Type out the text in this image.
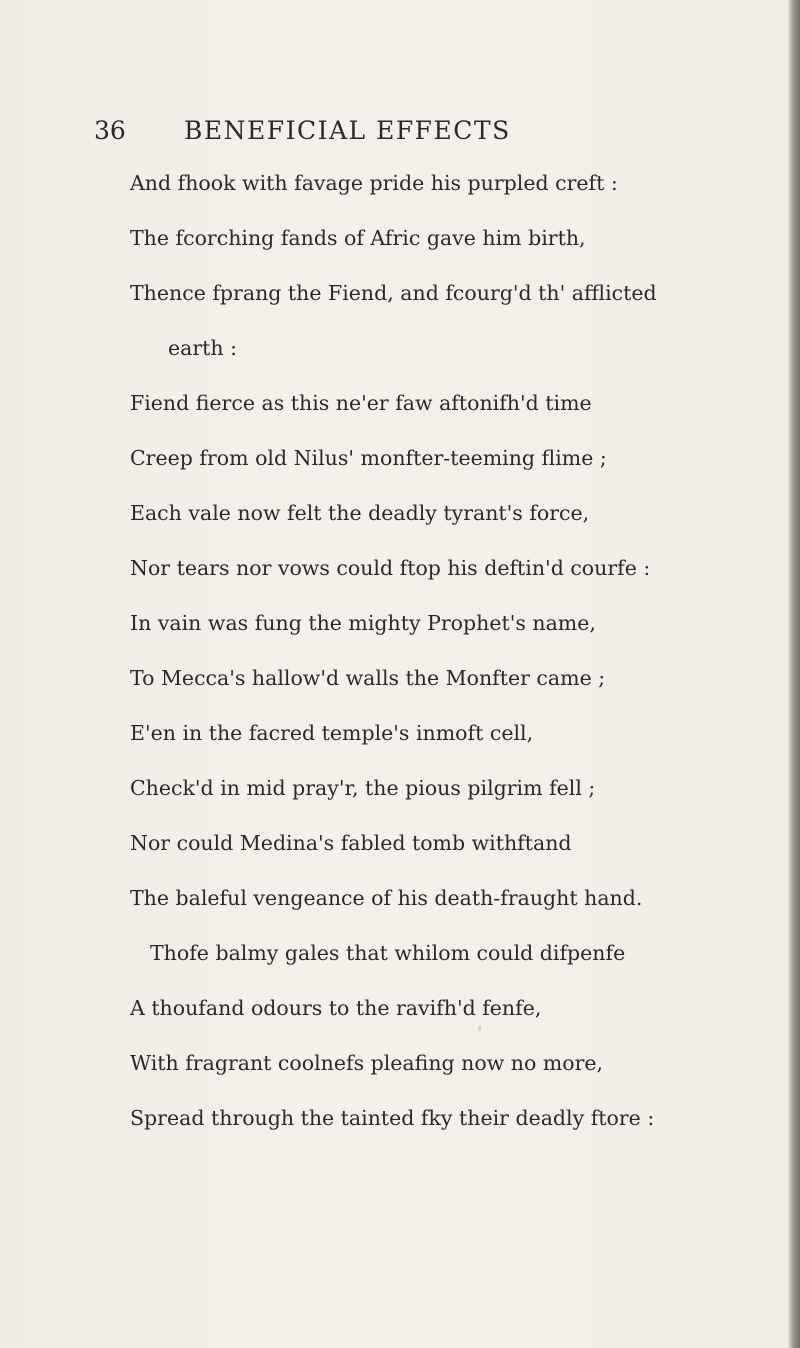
36 BENEFICIAL EFFECTS
And fhook with favage pride his purpled creft :
The fcorching fands of Afric gave him birth,
Thence fprang the Fiend, and fcourg'd th' afflicted
earth :
Fiend fierce as this ne'er faw aftonifh'd time
Creep from old Nilus' monfter-teeming flime ;
Each vale now felt the deadly tyrant's force,
Nor tears nor vows could ftop his deftin'd courfe :
In vain was fung the mighty Prophet's name,
To Mecca's hallow'd walls the Monfter came ;
E'en in the facred temple's inmoft cell,
Check'd in mid pray'r, the pious pilgrim fell ;
Nor could Medina's fabled tomb withftand
The baleful vengeance of his death-fraught hand.
Thofe balmy gales that whilom could difpenfe
A thoufand odours to the ravifh'd fenfe,
With fragrant coolnefs pleafing now no more,
Spread through the tainted fky their deadly ftore :
